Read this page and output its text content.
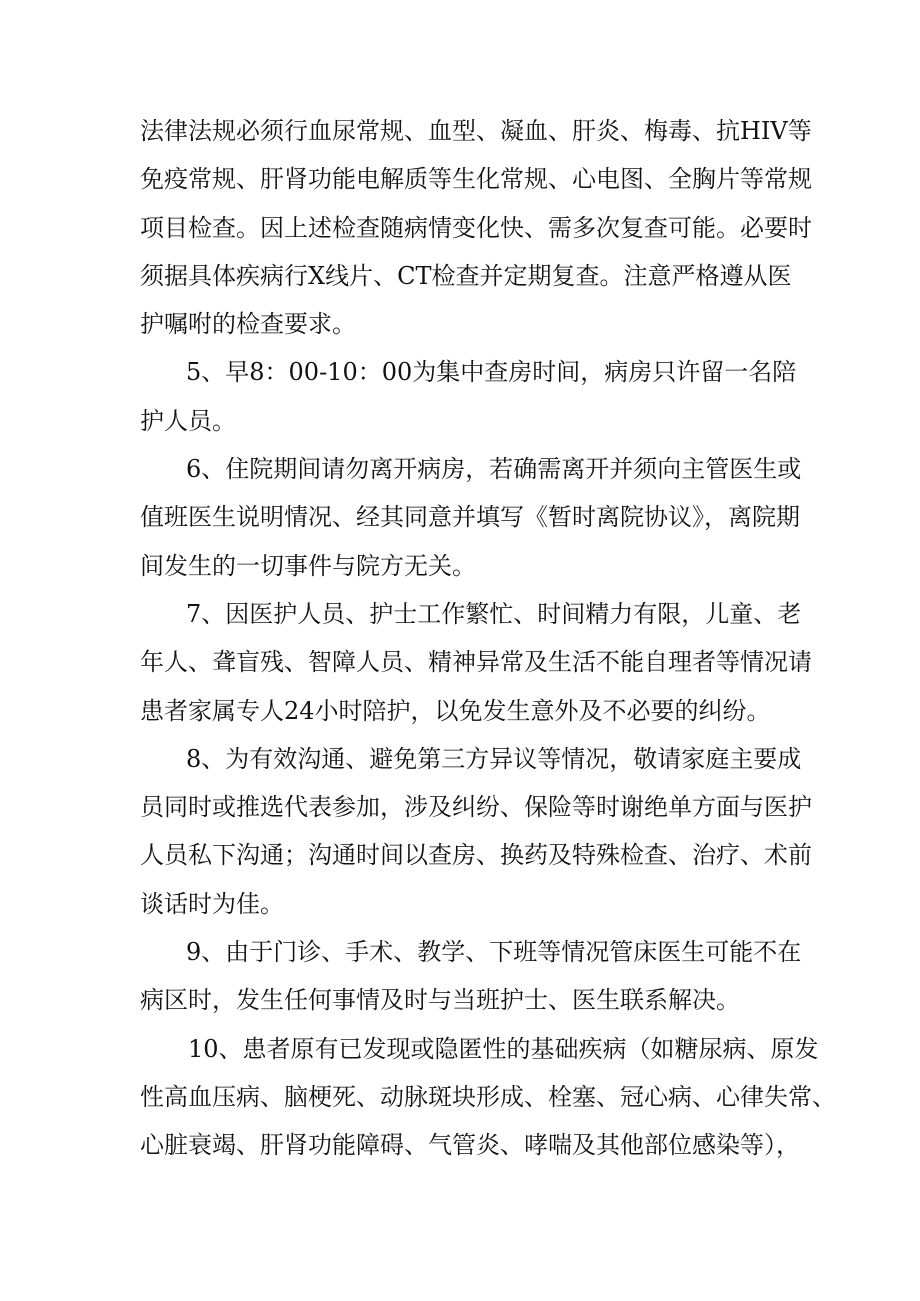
法律法规必须行血尿常规、血型、凝血、肝炎、梅毒、抗HIV等
免疫常规、肝肾功能电解质等生化常规、心电图、全胸片等常规
项目检查。因上述检查随病情变化快、需多次复查可能。必要时
须据具体疾病行X线片、CT检查并定期复查。注意严格遵从医
护嘱咐的检查要求。
5、早8：00-10：00为集中查房时间，病房只许留一名陪
护人员。
6、住院期间请勿离开病房，若确需离开并须向主管医生或
值班医生说明情况、经其同意并填写《暂时离院协议》，离院期
间发生的一切事件与院方无关。
7、因医护人员、护士工作繁忙、时间精力有限，儿童、老
年人、聋盲残、智障人员、精神异常及生活不能自理者等情况请
患者家属专人24小时陪护，以免发生意外及不必要的纠纷。
8、为有效沟通、避免第三方异议等情况，敬请家庭主要成
员同时或推选代表参加，涉及纠纷、保险等时谢绝单方面与医护
人员私下沟通；沟通时间以查房、换药及特殊检查、治疗、术前
谈话时为佳。
9、由于门诊、手术、教学、下班等情况管床医生可能不在
病区时，发生任何事情及时与当班护士、医生联系解决。
10、患者原有已发现或隐匿性的基础疾病（如糖尿病、原发
性高血压病、脑梗死、动脉斑块形成、栓塞、冠心病、心律失常、
心脏衰竭、肝肾功能障碍、气管炎、哮喘及其他部位感染等），
